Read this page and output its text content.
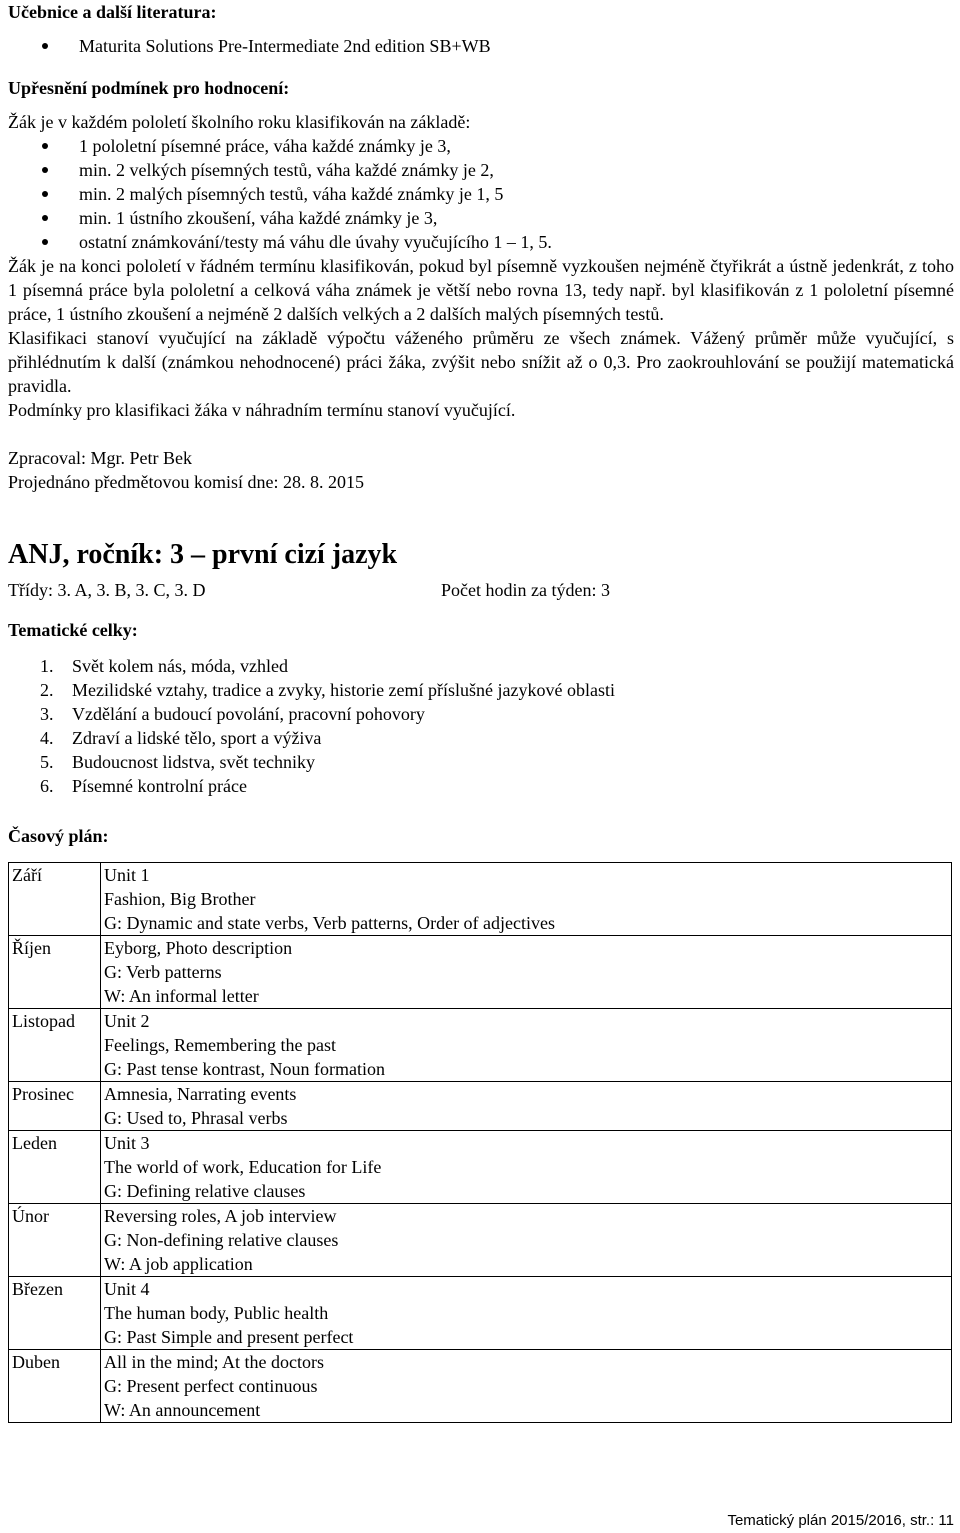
Učebnice a další literatura:
Maturita Solutions Pre-Intermediate 2nd edition SB+WB
Upřesnění podmínek pro hodnocení:

Žák je v každém pololetí školního roku klasifikován na základě:

1 pololetní písemné práce, váha každé známky je 3,
min. 2 velkých písemných testů, váha každé známky je 2,
min. 2 malých písemných testů, váha každé známky je 1, 5
min. 1 ústního zkoušení, váha každé známky je 3,
ostatní známkování/testy má váhu dle úvahy vyučujícího 1 – 1, 5.

Žák je na konci pololetí v řádném termínu klasifikován, pokud byl písemně vyzkoušen nejméně čtyřikrát a ústně jedenkrát, z toho 1 písemná práce byla pololetní a celková váha známek je větší nebo rovna 13, tedy např. byl klasifikován z 1 pololetní písemné práce, 1 ústního zkoušení a nejméně 2 dalších velkých a 2 dalších malých písemných testů.

Klasifikaci stanoví vyučující na základě výpočtu váženého průměru ze všech známek. Vážený průměr může vyučující, s přihlédnutím k další (známkou nehodnocené) práci žáka, zvýšit nebo snížit až o 0,3. Pro zaokrouhlování se použijí matematická pravidla.

Podmínky pro klasifikaci žáka v náhradním termínu stanoví vyučující.

Zpracoval: Mgr. Petr Bek

Projednáno předmětovou komisí dne: 28. 8. 2015

ANJ, ročník: 3 – první cizí jazyk
Třídy: 3. A, 3. B, 3. C, 3. D	Počet hodin za týden: 3
Tematické celky:
1.	Svět kolem nás, móda, vzhled
2.	Mezilidské vztahy, tradice a zvyky, historie zemí příslušné jazykové oblasti
3.	Vzdělání a budoucí povolání, pracovní pohovory
4.	Zdraví a lidské tělo, sport a výživa
5.	Budoucnost lidstva, svět techniky
6.	Písemné kontrolní práce
Časový plán:
Září	Unit 1
Fashion, Big Brother
G: Dynamic and state verbs, Verb patterns, Order of adjectives

Říjen	Eyborg, Photo description
G: Verb patterns
W: An informal letter

Listopad	Unit 2
Feelings, Remembering the past
G: Past tense kontrast, Noun formation

Prosinec	Amnesia, Narrating events
G: Used to, Phrasal verbs

Leden	Unit 3
The world of work, Education for Life
G: Defining relative clauses

Únor	Reversing roles, A job interview
G: Non-defining relative clauses
W: A job application

Březen	Unit 4
The human body, Public health
G: Past Simple and present perfect

Duben	All in the mind; At the doctors
G: Present perfect continuous
W: An announcement
Tematický plán 2015/2016, str.: 11
